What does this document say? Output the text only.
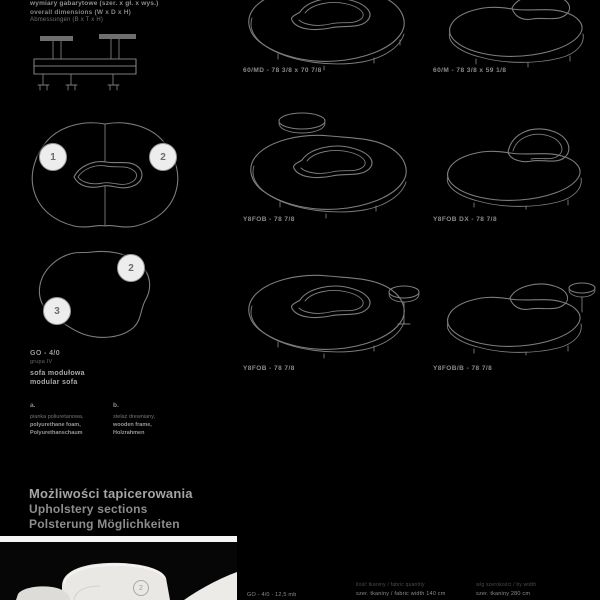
wymiary gabarytowe (szer. x gł. x wys.)
overall dimensions (W x D x H)
Abmessungen (B x T x H)
1	2
2
3
GO - 4/0
grupa IV
sofa modułowa
modular sofa
a.
pianka poliuretanowa,
polyurethane foam,
Polyurethanschaum
b.
stelaż drewniany,
wooden frame,
Holzrahmen
Możliwości tapicerowania
Upholstery sections
Polsterung Möglichkeiten
60/MD - 78 3/8 x 70 7/8	60/M - 78 3/8 x 59 1/8
Y8FOB - 78 7/8	Y8FOB DX - 78 7/8
Y8FOB - 78 7/8	Y8FOB/B - 78 7/8
2	ilość tkaniny / fabric quantity	w/g szerokości / by width
GO - 4/0 · 12,5 mb	szer. tkaniny / fabric width 140 cm	szer. tkaniny 280 cm
